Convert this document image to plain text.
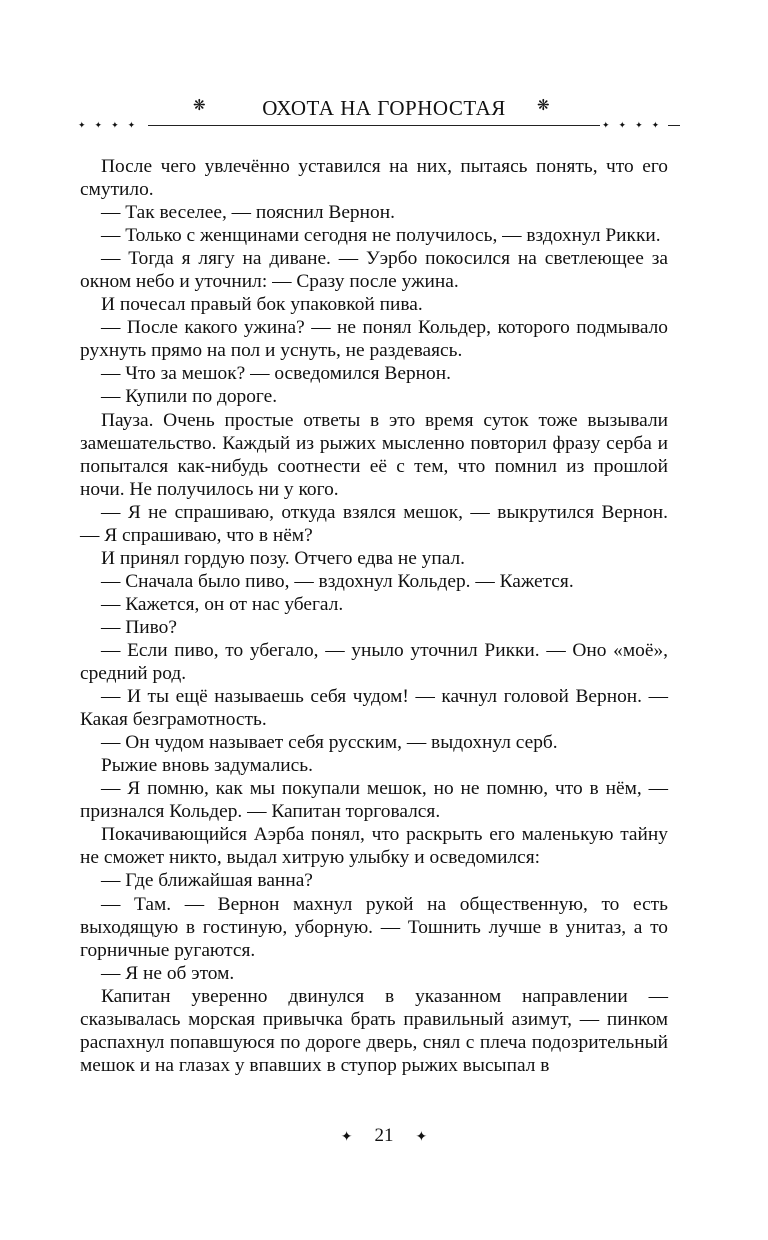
❋	ОХОТА НА ГОРНОСТАЯ	❋
✦✦✦✦	✦✦✦✦

После чего увлечённо уставился на них, пытаясь понять, что его смутило.

— Так веселее, — пояснил Вернон.

— Только с женщинами сегодня не получилось, — вздохнул Рикки.

— Тогда я лягу на диване. — Уэрбо покосился на светлеющее за окном небо и уточнил: — Сразу после ужина.

И почесал правый бок упаковкой пива.

— После какого ужина? — не понял Кольдер, которого подмывало рухнуть прямо на пол и уснуть, не раздеваясь.

— Что за мешок? — осведомился Вернон.

— Купили по дороге.

Пауза. Очень простые ответы в это время суток тоже вызывали замешательство. Каждый из рыжих мысленно повторил фразу серба и попытался как-нибудь соотнести её с тем, что помнил из прошлой ночи. Не получилось ни у кого.

— Я не спрашиваю, откуда взялся мешок, — выкрутился Вернон. — Я спрашиваю, что в нём?

И принял гордую позу. Отчего едва не упал.

— Сначала было пиво, — вздохнул Кольдер. — Кажется.

— Кажется, он от нас убегал.

— Пиво?

— Если пиво, то убегало, — уныло уточнил Рикки. — Оно «моё», средний род.

— И ты ещё называешь себя чудом! — качнул головой Вернон. — Какая безграмотность.

— Он чудом называет себя русским, — выдохнул серб.

Рыжие вновь задумались.

— Я помню, как мы покупали мешок, но не помню, что в нём, — признался Кольдер. — Капитан торговался.

Покачивающийся Аэрба понял, что раскрыть его маленькую тайну не сможет никто, выдал хитрую улыбку и осведомился:

— Где ближайшая ванна?

— Там. — Вернон махнул рукой на общественную, то есть выходящую в гостиную, уборную. — Тошнить лучше в унитаз, а то горничные ругаются.

— Я не об этом.

Капитан уверенно двинулся в указанном направлении — сказывалась морская привычка брать правильный азимут, — пинком распахнул попавшуюся по дороге дверь, снял с плеча подозрительный мешок и на глазах у впавших в ступор рыжих высыпал в

✦ 21 ✦
